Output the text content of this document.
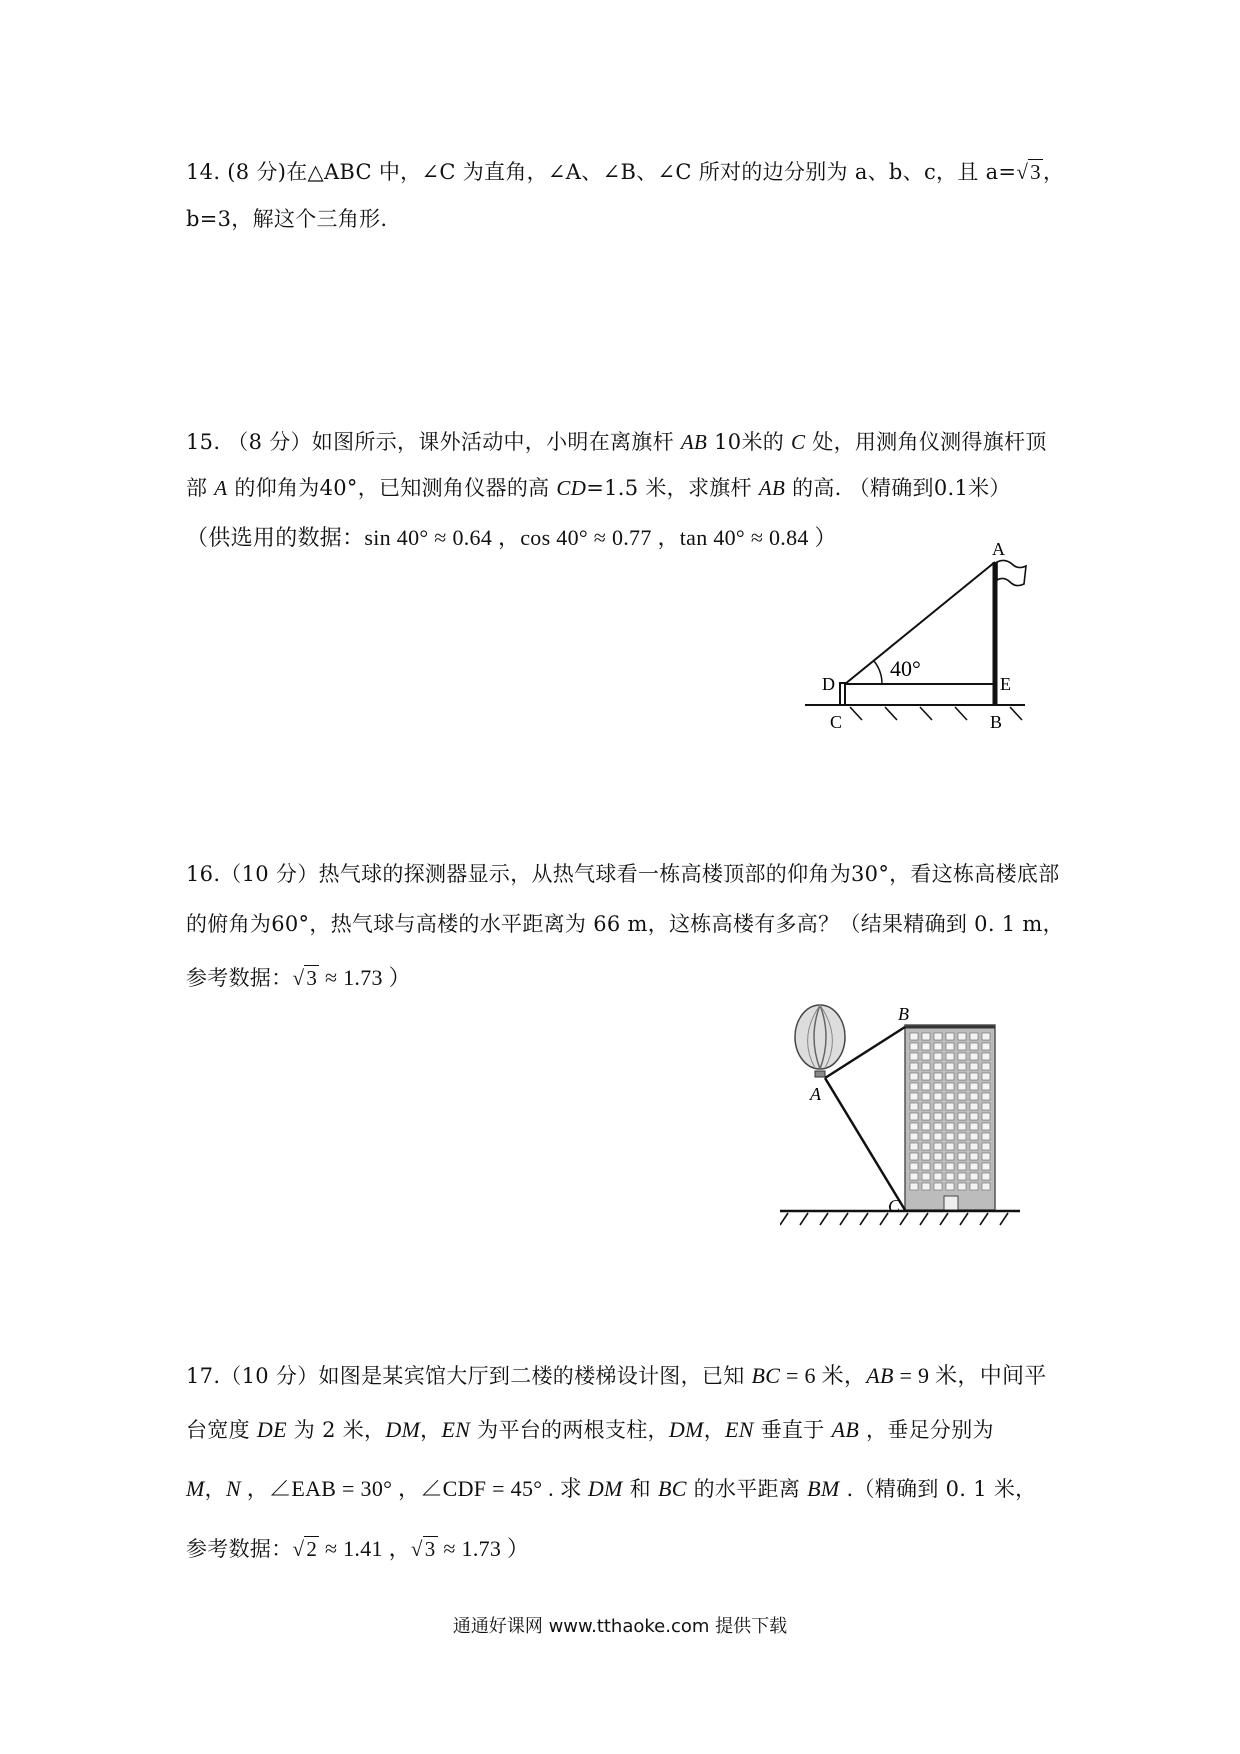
14. (8 分)在△ABC 中，∠C 为直角，∠A、∠B、∠C 所对的边分别为 a、b、c，且 a=√3，
b=3，解这个三角形.
15. （8 分）如图所示，课外活动中，小明在离旗杆 AB 10米的 C 处，用测角仪测得旗杆顶
部 A 的仰角为40°，已知测角仪器的高 CD=1.5 米，求旗杆 AB 的高. （精确到0.1米）
（供选用的数据：sin 40° ≈ 0.64 ，cos 40° ≈ 0.77 ，tan 40° ≈ 0.84 ）
40°
A
D	E
C	B
16.（10 分）热气球的探测器显示，从热气球看一栋高楼顶部的仰角为30°，看这栋高楼底部
的俯角为60°，热气球与高楼的水平距离为 66 m，这栋高楼有多高？（结果精确到 0. 1 m，
参考数据：√3 ≈ 1.73 ）
A
B
C
17.（10 分）如图是某宾馆大厅到二楼的楼梯设计图，已知 BC = 6 米，AB = 9 米，中间平
台宽度 DE 为 2 米，DM，EN 为平台的两根支柱，DM，EN 垂直于 AB ，垂足分别为
M，N ，∠EAB = 30° ，∠CDF = 45° . 求 DM 和 BC 的水平距离 BM .（精确到 0. 1 米，
参考数据：√2 ≈ 1.41 ，√3 ≈ 1.73 ）
通通好课网 www.tthaoke.com 提供下载
